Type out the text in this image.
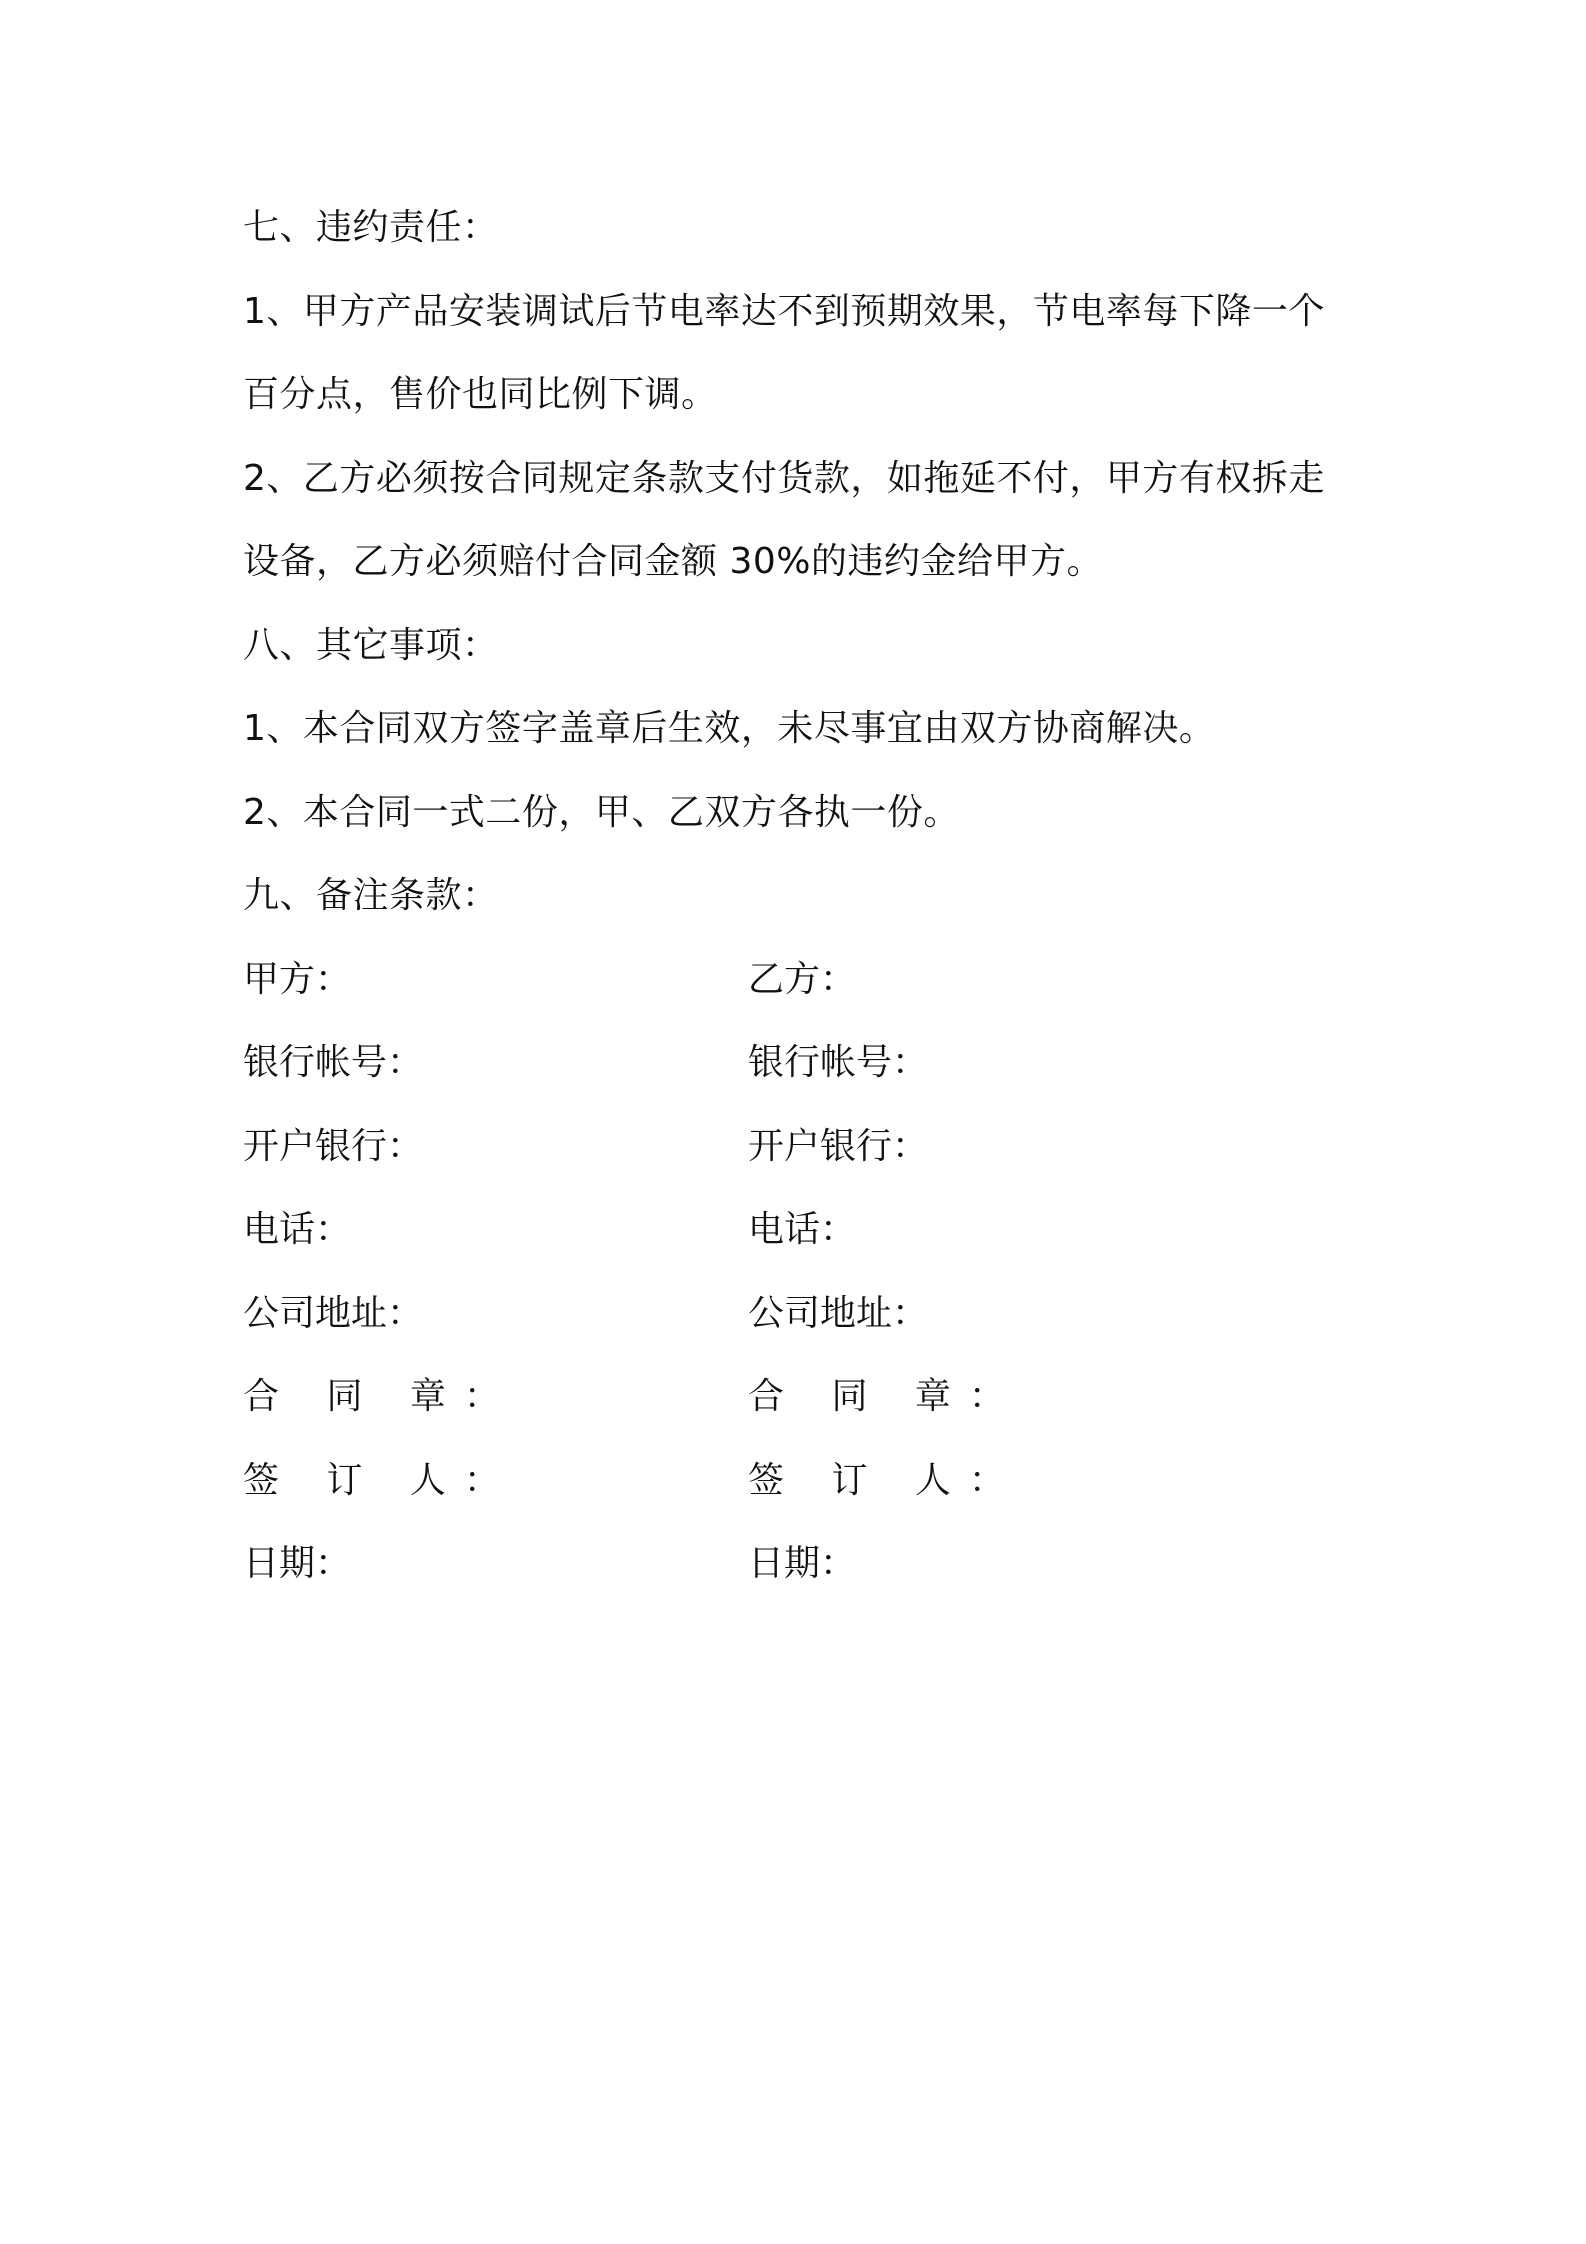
七、违约责任：
1、甲方产品安装调试后节电率达不到预期效果，节电率每下降一个
百分点，售价也同比例下调。
2、乙方必须按合同规定条款支付货款，如拖延不付，甲方有权拆走
设备，乙方必须赔付合同金额 30%的违约金给甲方。
八、其它事项：
1、本合同双方签字盖章后生效，未尽事宜由双方协商解决。
2、本合同一式二份，甲、乙双方各执一份。
九、备注条款：
甲方：	乙方：
银行帐号：	银行帐号：
开户银行：	开户银行：
电话：	电话：
公司地址：	公司地址：
合 同 章：	合 同 章：
签 订 人：	签 订 人：
日期：	日期：
